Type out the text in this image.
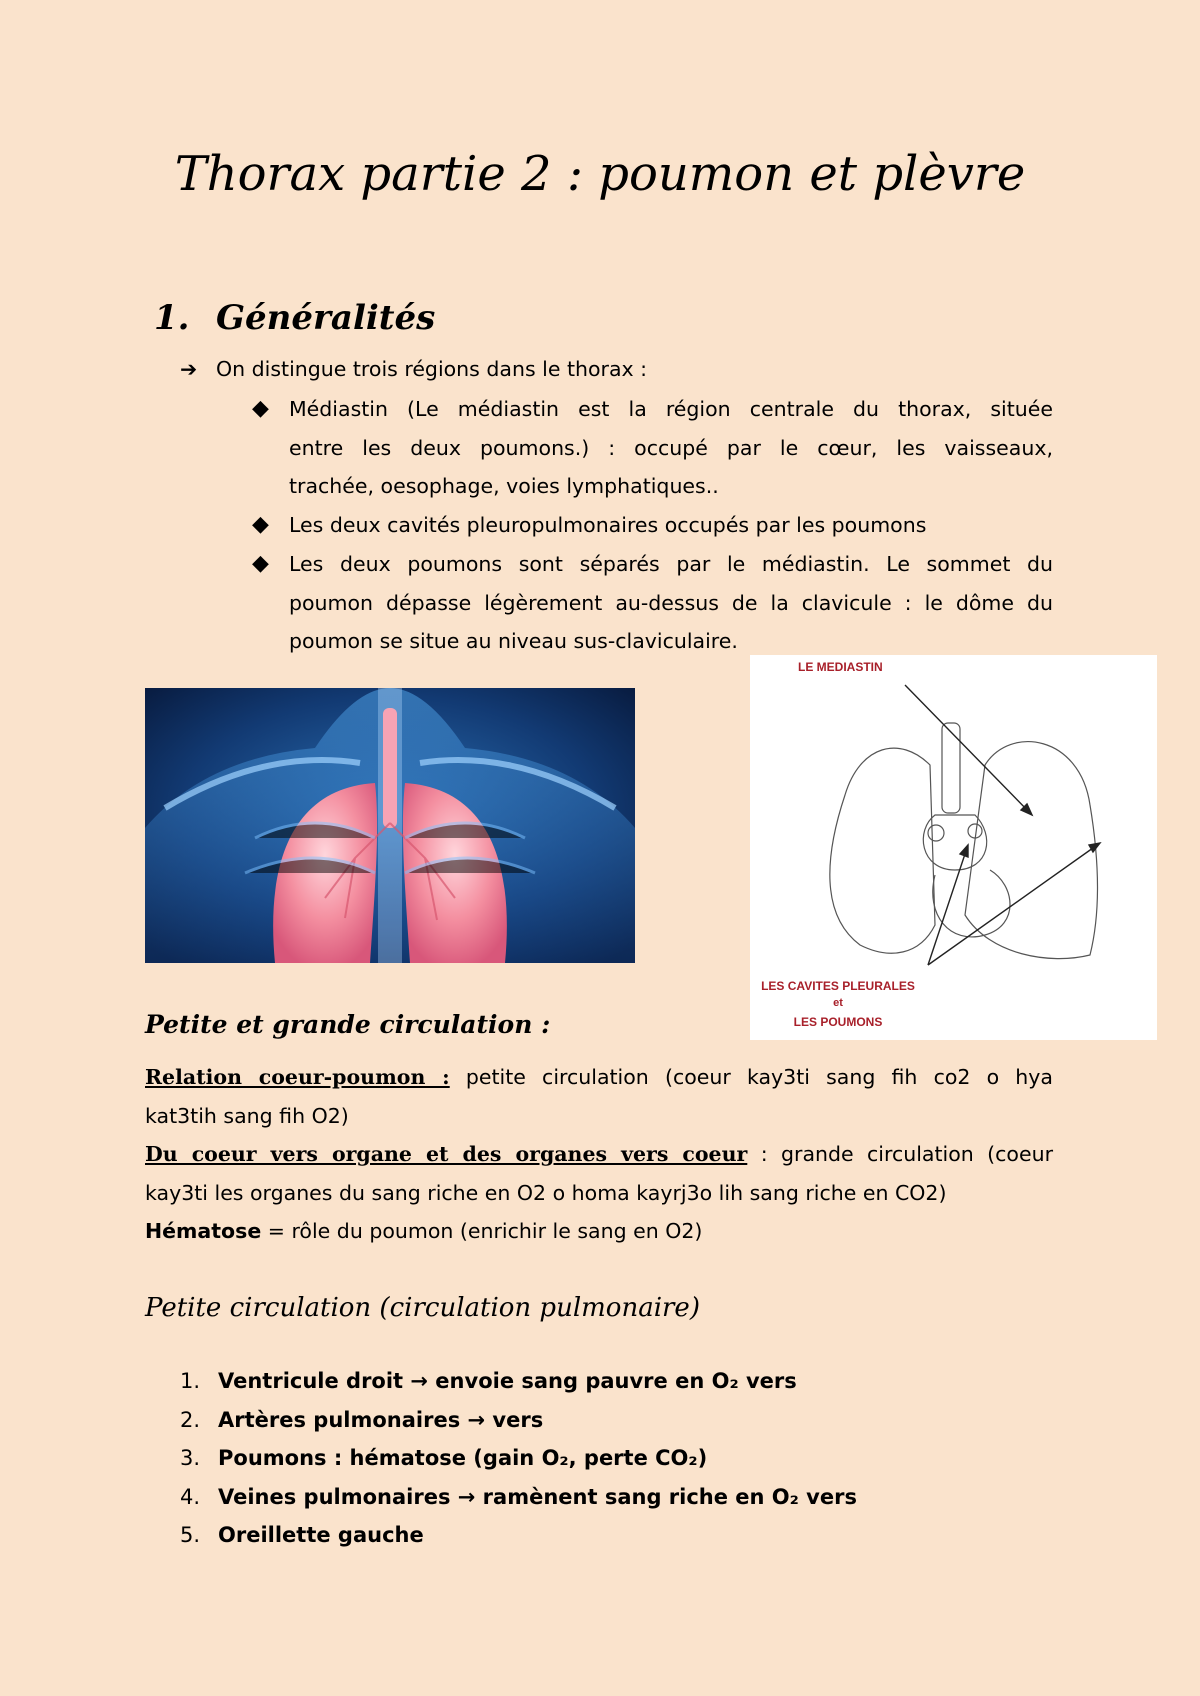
Thorax partie 2 : poumon et plèvre
1. Généralités
➔ On distingue trois régions dans le thorax :
◆ Médiastin (Le médiastin est la région centrale du thorax, située
entre les deux poumons.) : occupé par le cœur, les vaisseaux,
trachée, oesophage, voies lymphatiques..
◆ Les deux cavités pleuropulmonaires occupés par les poumons
◆ Les deux poumons sont séparés par le médiastin. Le sommet du
poumon dépasse légèrement au-dessus de la clavicule : le dôme du
poumon se situe au niveau sus-claviculaire.
LE MEDIASTIN
LES CAVITES PLEURALES
et
LES POUMONS
Petite et grande circulation :
Relation coeur-poumon : petite circulation (coeur kay3ti sang fih co2 o hya
kat3tih sang fih O2)
Du coeur vers organe et des organes vers coeur : grande circulation (coeur
kay3ti les organes du sang riche en O2 o homa kayrj3o lih sang riche en CO2)
Hématose = rôle du poumon (enrichir le sang en O2)
Petite circulation (circulation pulmonaire)
1. Ventricule droit → envoie sang pauvre en O₂ vers
2. Artères pulmonaires → vers
3. Poumons : hématose (gain O₂, perte CO₂)
4. Veines pulmonaires → ramènent sang riche en O₂ vers
5. Oreillette gauche
